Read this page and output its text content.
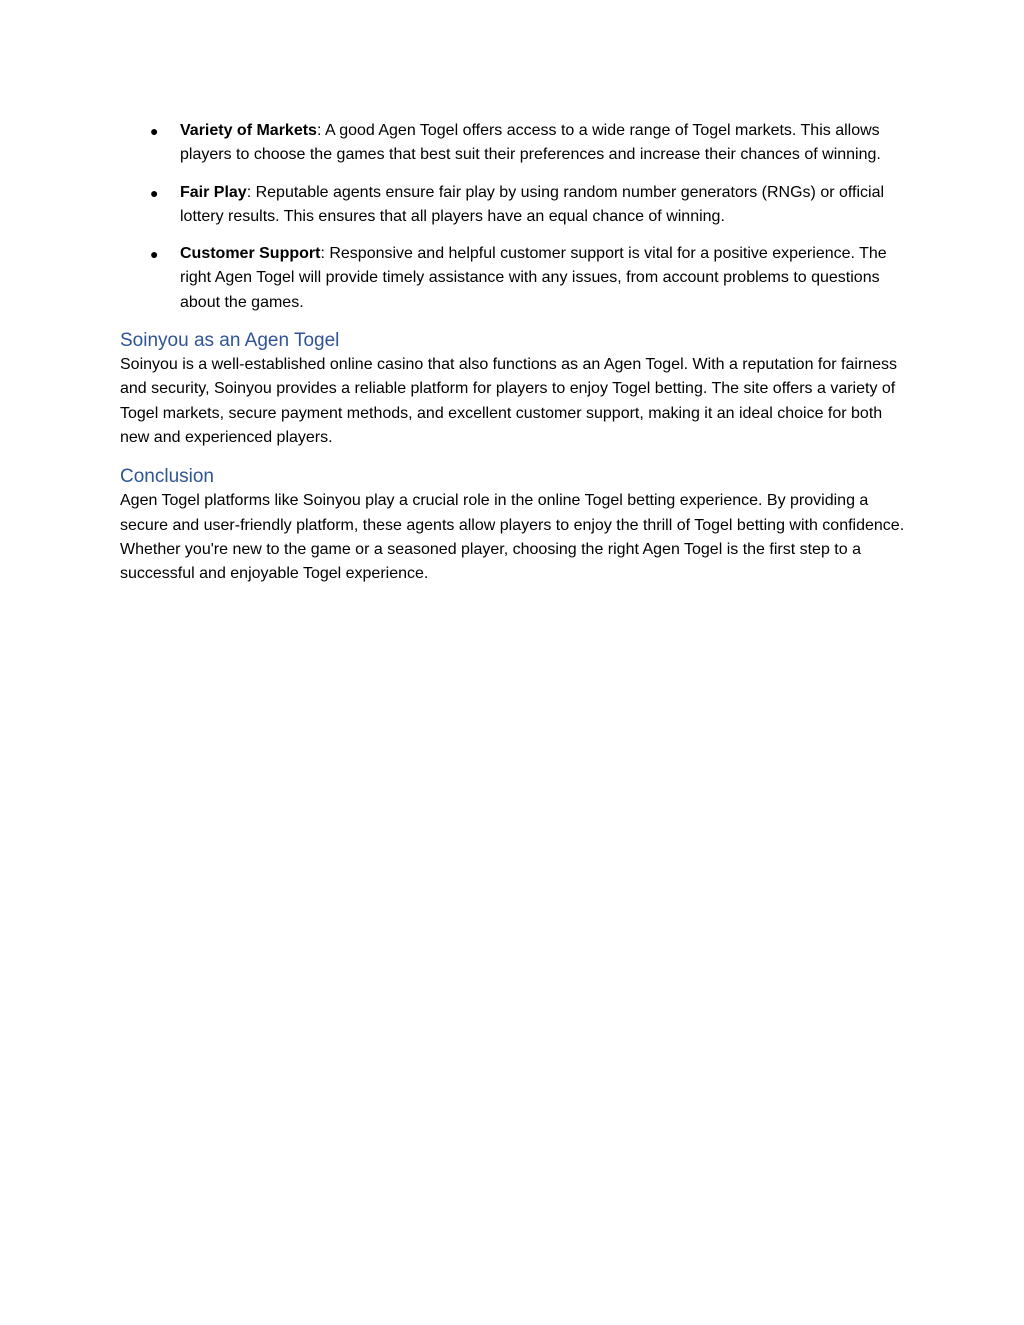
● Variety of Markets: A good Agen Togel offers access to a wide range of Togel markets. This allows players to choose the games that best suit their preferences and increase their chances of winning.
● Fair Play: Reputable agents ensure fair play by using random number generators (RNGs) or official lottery results. This ensures that all players have an equal chance of winning.
● Customer Support: Responsive and helpful customer support is vital for a positive experience. The right Agen Togel will provide timely assistance with any issues, from account problems to questions about the games.
Soinyou as an Agen Togel

Soinyou is a well-established online casino that also functions as an Agen Togel. With a reputation for fairness and security, Soinyou provides a reliable platform for players to enjoy Togel betting. The site offers a variety of Togel markets, secure payment methods, and excellent customer support, making it an ideal choice for both new and experienced players.

Conclusion

Agen Togel platforms like Soinyou play a crucial role in the online Togel betting experience. By providing a secure and user-friendly platform, these agents allow players to enjoy the thrill of Togel betting with confidence. Whether you're new to the game or a seasoned player, choosing the right Agen Togel is the first step to a successful and enjoyable Togel experience.
